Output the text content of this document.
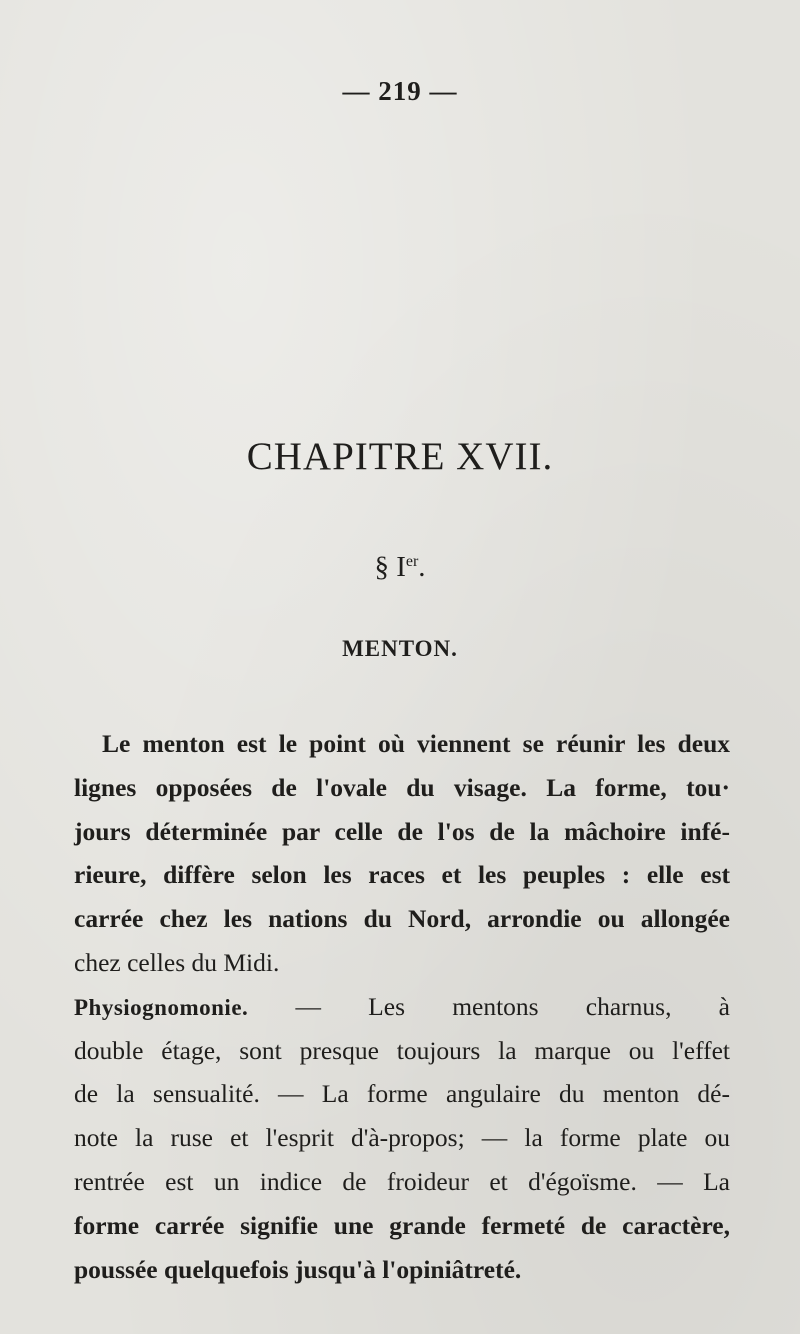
— 219 —
CHAPITRE XVII.
§ Ier.
MENTON.
Le menton est le point où viennent se réunir les deux
lignes opposées de l'ovale du visage. La forme, tou·
jours déterminée par celle de l'os de la mâchoire infé-
rieure, diffère selon les races et les peuples : elle est
carrée chez les nations du Nord, arrondie ou allongée
chez celles du Midi.
Physiognomonie. — Les mentons charnus, à
double étage, sont presque toujours la marque ou l'effet
de la sensualité. — La forme angulaire du menton dé-
note la ruse et l'esprit d'à-propos; — la forme plate ou
rentrée est un indice de froideur et d'égoïsme. — La
forme carrée signifie une grande fermeté de caractère,
poussée quelquefois jusqu'à l'opiniâtreté.
